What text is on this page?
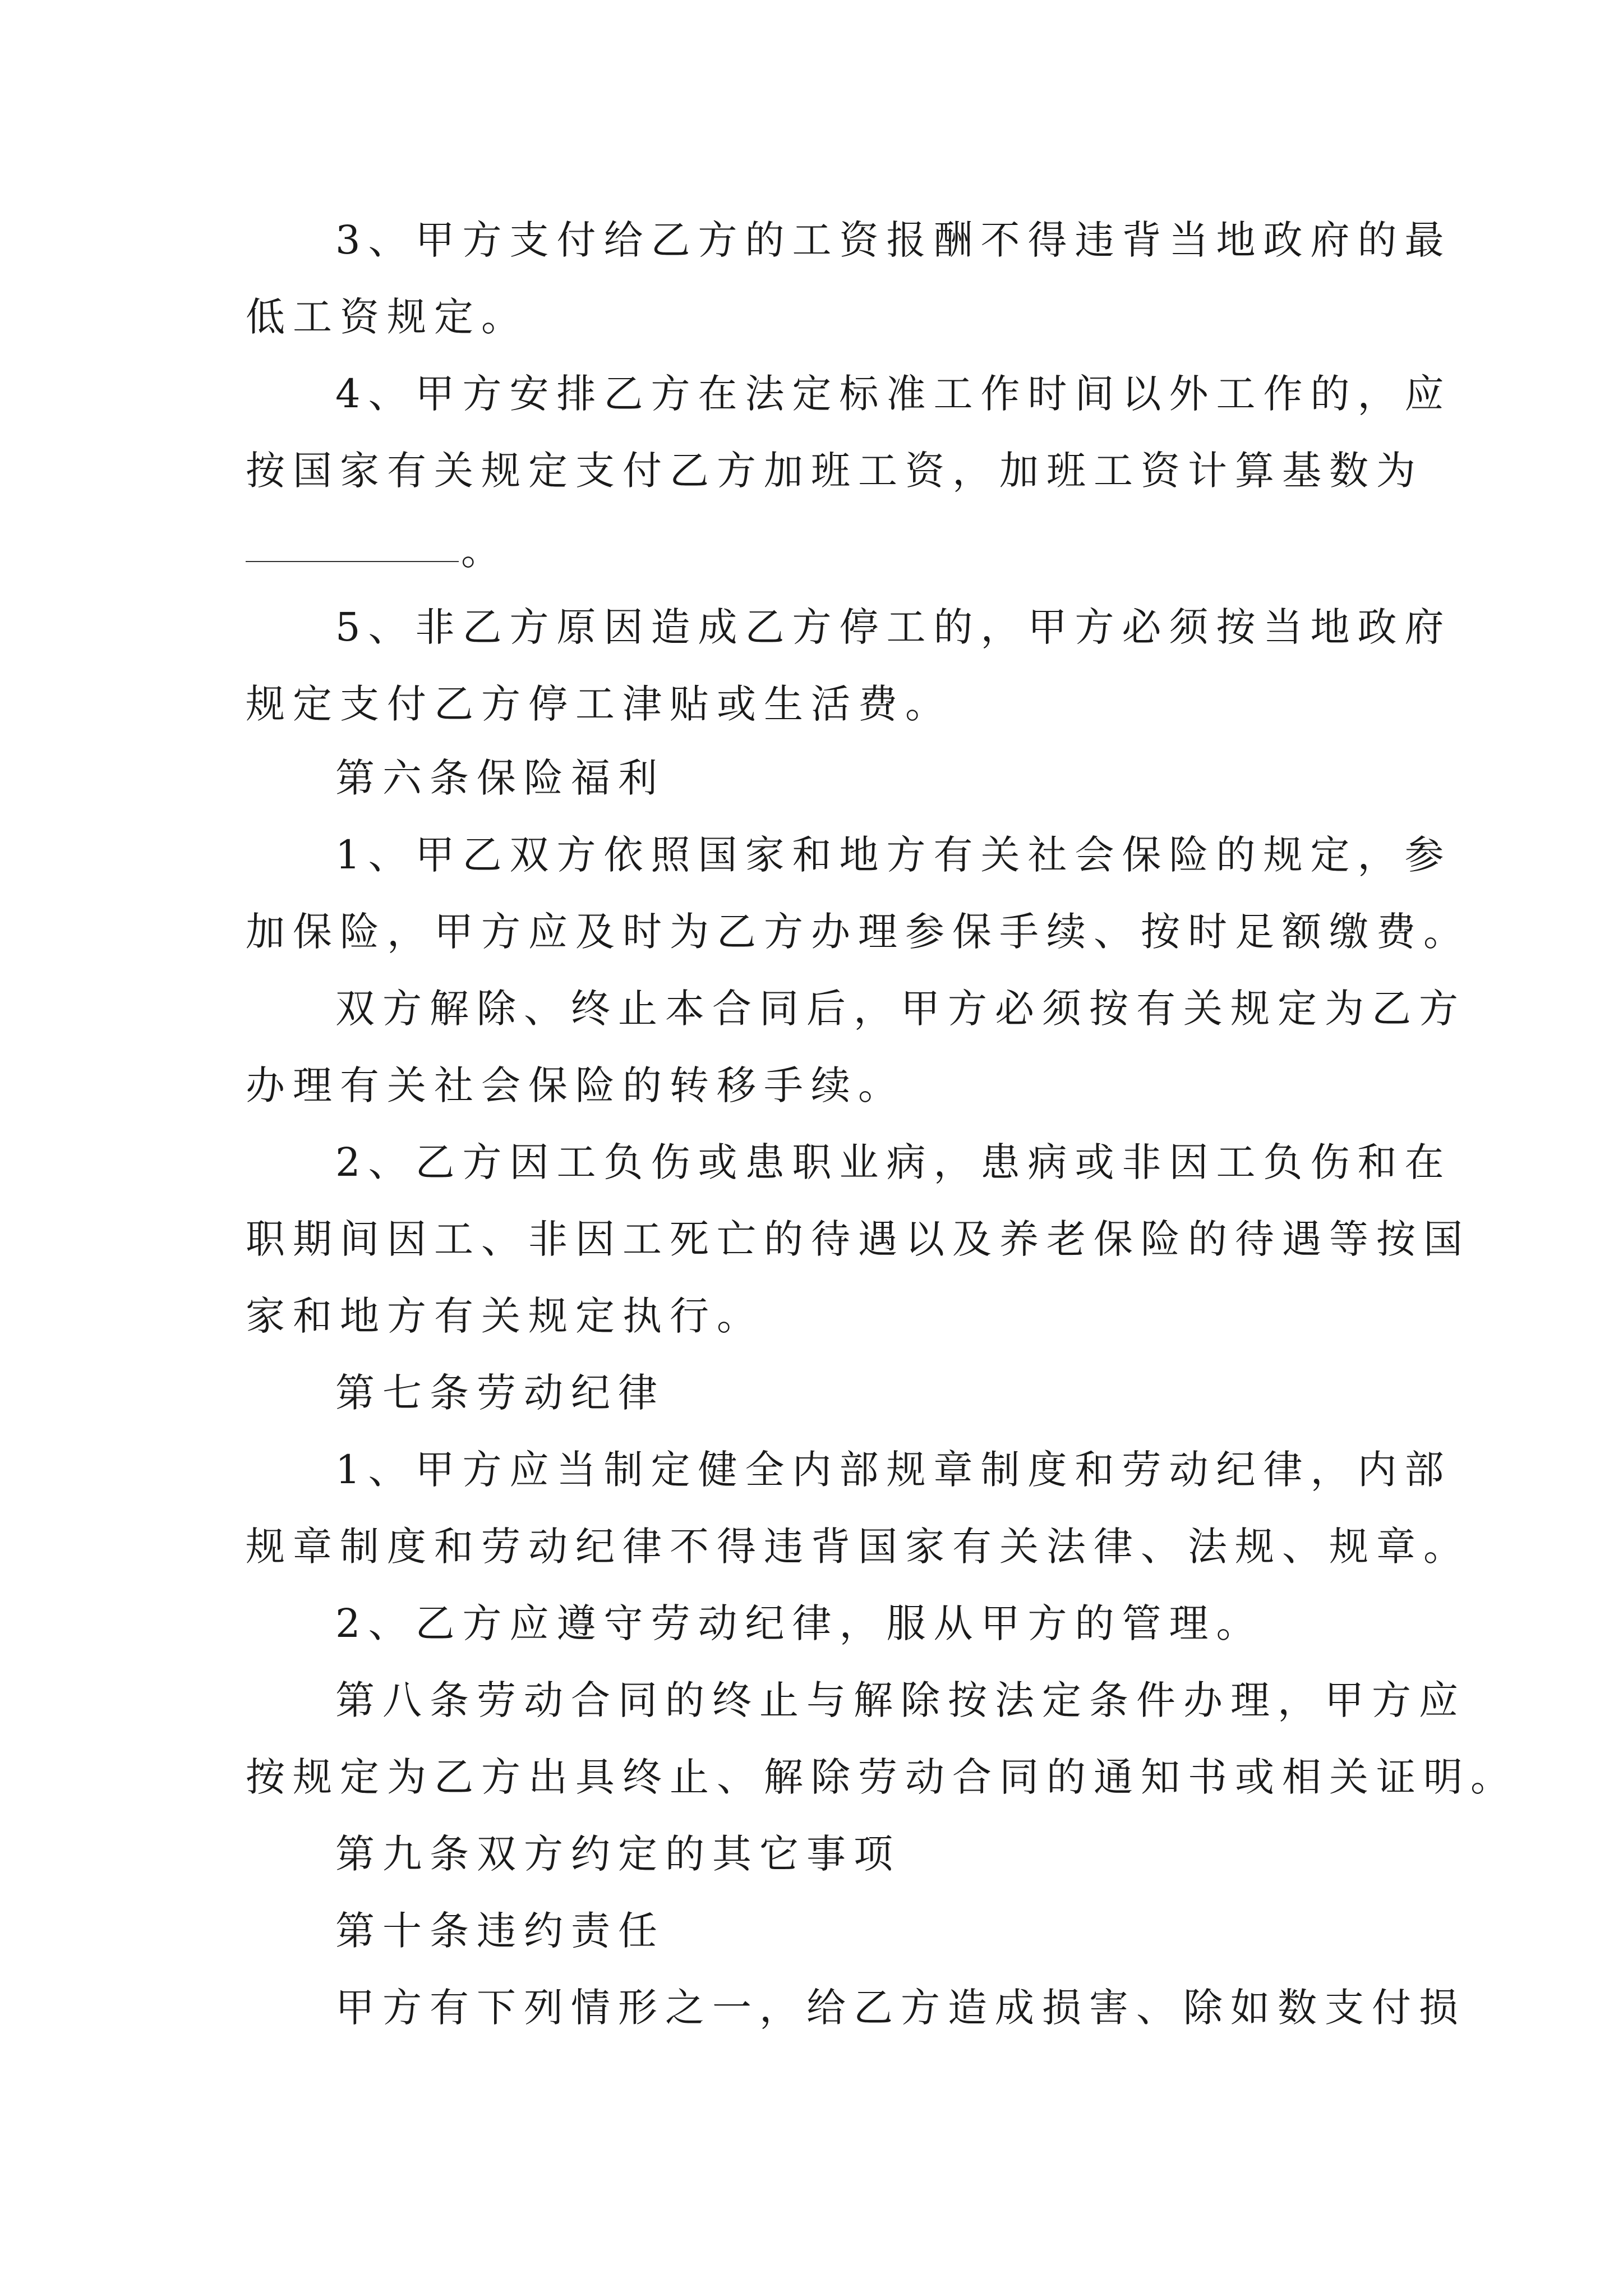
3、甲方支付给乙方的工资报酬不得违背当地政府的最
低工资规定。
4、甲方安排乙方在法定标准工作时间以外工作的，应
按国家有关规定支付乙方加班工资，加班工资计算基数为
。
5、非乙方原因造成乙方停工的，甲方必须按当地政府
规定支付乙方停工津贴或生活费。
第六条保险福利
1、甲乙双方依照国家和地方有关社会保险的规定，参
加保险，甲方应及时为乙方办理参保手续、按时足额缴费。
双方解除、终止本合同后，甲方必须按有关规定为乙方
办理有关社会保险的转移手续。
2、乙方因工负伤或患职业病，患病或非因工负伤和在
职期间因工、非因工死亡的待遇以及养老保险的待遇等按国
家和地方有关规定执行。
第七条劳动纪律
1、甲方应当制定健全内部规章制度和劳动纪律，内部
规章制度和劳动纪律不得违背国家有关法律、法规、规章。
2、乙方应遵守劳动纪律，服从甲方的管理。
第八条劳动合同的终止与解除按法定条件办理，甲方应
按规定为乙方出具终止、解除劳动合同的通知书或相关证明。
第九条双方约定的其它事项
第十条违约责任
甲方有下列情形之一，给乙方造成损害、除如数支付损
